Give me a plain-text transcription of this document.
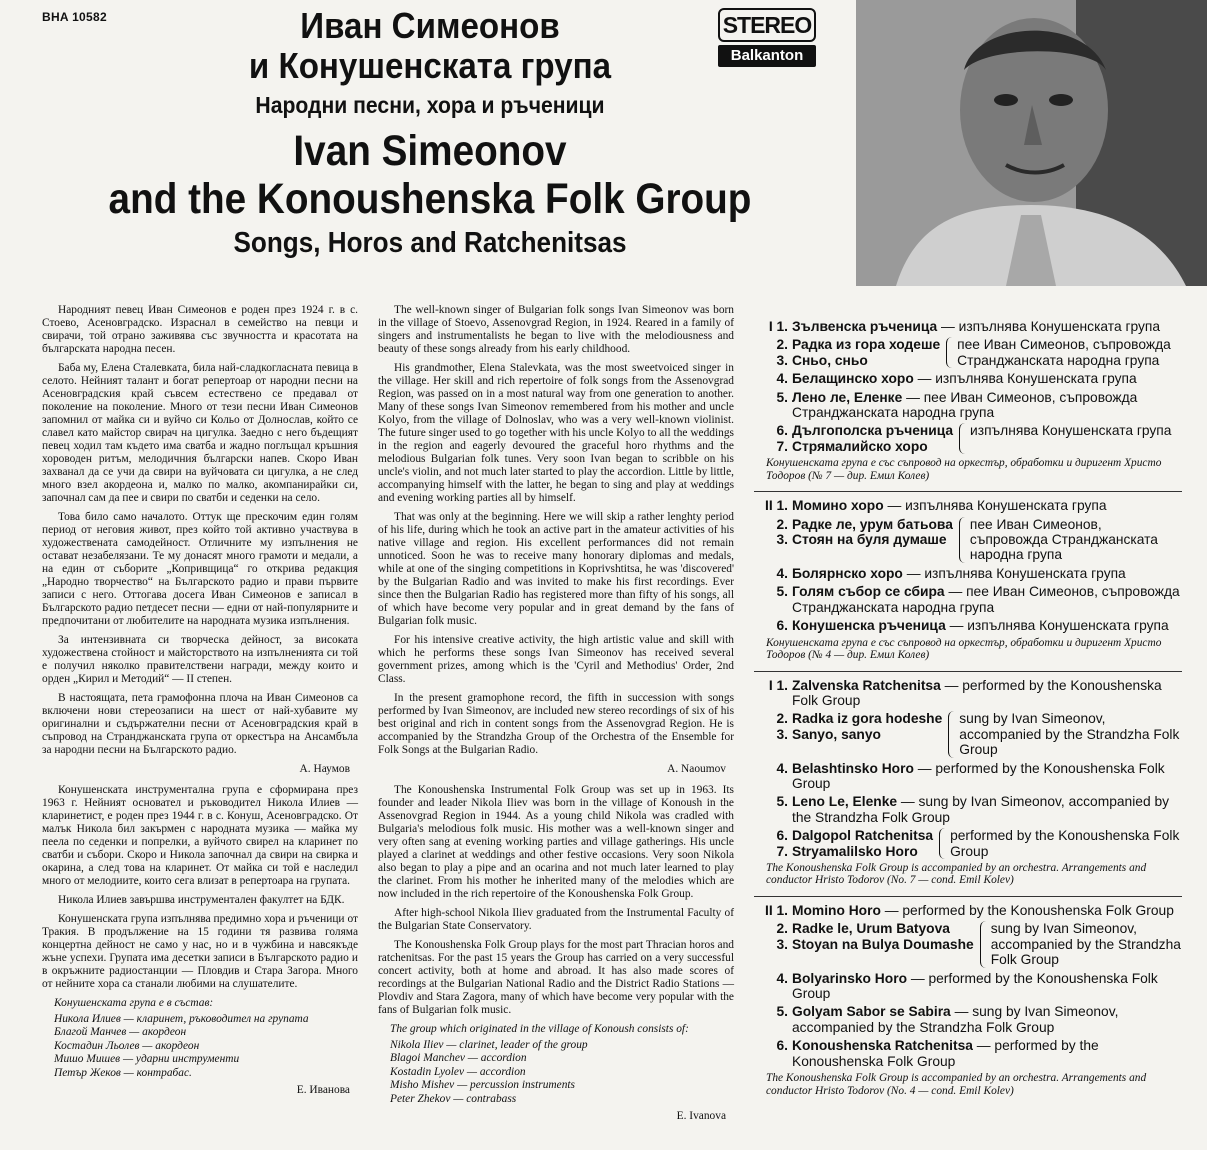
BHA 10582	Иван Симеонов
и Конушенската група
Народни песни, хора и ръченици
Ivan Simeonov
and the Konoushenska Folk Group
Songs, Horos and Ratchenitsas
STEREO
Balkanton

Народният певец Иван Симеонов е роден през 1924 г. в с. Стоево, Асеновградско. Израснал в семейство на певци и свирачи, той отрано заживява със звучността и красотата на българската народна песен.

Баба му, Елена Сталевката, била най-сладкогласната певица в селото. Нейният талант и богат репертоар от народни песни на Асеновградския край съвсем естествено се предавал от поколение на поколение. Много от тези песни Иван Симеонов запомнил от майка си и вуйчо си Кольо от Долнослав, който се славел като майстор свирач на цигулка. Заедно с него бъдещият певец ходил там където има сватба и жадно поглъщал кръшния хороводен ритъм, мелодичния български напев. Скоро Иван захванал да се учи да свири на вуйчовата си цигулка, а не след много взел акордеона и, малко по малко, акомпанирайки си, започнал сам да пее и свири по сватби и седенки на село.

Това било само началото. Оттук ще прескочим един голям период от неговия живот, през който той активно участвува в художествената самодейност. Отличните му изпълнения не остават незабелязани. Те му донасят много грамоти и медали, а на един от съборите „Копривщица“ го открива редакция „Народно творчество“ на Българското радио и прави първите записи с него. Оттогава досега Иван Симеонов е записал в Българското радио петдесет песни — едни от най-популярните и предпочитани от любителите на народната музика изпълнения.

За интензивната си творческа дейност, за високата художествена стойност и майсторството на изпълненията си той е получил няколко правителствени награди, между които и орден „Кирил и Методий“ — II степен.

В настоящата, пета грамофонна плоча на Иван Симеонов са включени нови стереозаписи на шест от най-хубавите му оригинални и съдържателни песни от Асеновградския край в съпровод на Странджанската група от оркестъра на Ансамбъла за народни песни на Българското радио.

А. Наумов

Конушенската инструментална група е сформирана през 1963 г. Нейният основател и ръководител Никола Илиев — кларинетист, е роден през 1944 г. в с. Конуш, Асеновградско. От малък Никола бил закърмен с народната музика — майка му пеела по седенки и попрелки, а вуйчото свирел на кларинет по сватби и събори. Скоро и Никола започнал да свири на свирка и окарина, а след това на кларинет. От майка си той е наследил много от мелодиите, които сега влизат в репертоара на групата.

Никола Илиев завършва инструментален факултет на БДК.

Конушенската група изпълнява предимно хора и ръченици от Тракия. В продължение на 15 години тя развива голяма концертна дейност не само у нас, но и в чужбина и навсякъде жъне успехи. Групата има десетки записи в Българското радио и в окръжните радиостанции — Пловдив и Стара Загора. Много от нейните хора са станали любими на слушателите.

Конушенската група е в състав:
Никола Илиев — кларинет, ръководител на групата
Благой Манчев — акордеон
Костадин Льолев — акордеон
Мишо Мишев — ударни инструменти
Петър Жеков — контрабас.

Е. Иванова

The well-known singer of Bulgarian folk songs Ivan Simeonov was born in the village of Stoevo, Assenovgrad Region, in 1924. Reared in a family of singers and instrumentalists he began to live with the melodiousness and beauty of these songs already from his early childhood.

His grandmother, Elena Stalevkata, was the most sweetvoiced singer in the village. Her skill and rich repertoire of folk songs from the Assenovgrad Region, was passed on in a most natural way from one generation to another. Many of these songs Ivan Simeonov remembered from his mother and uncle Kolyo, from the village of Dolnoslav, who was a very well-known violinist. The future singer used to go together with his uncle Kolyo to all the weddings in the region and eagerly devoured the graceful horo rhythms and the melodious Bulgarian folk tunes. Very soon Ivan began to scribble on his uncle's violin, and not much later started to play the accordion. Little by little, accompanying himself with the latter, he began to sing and play at weddings and evening working parties all by himself.

That was only at the beginning. Here we will skip a rather lenghty period of his life, during which he took an active part in the amateur activities of his native village and region. His excellent performances did not remain unnoticed. Soon he was to receive many honorary diplomas and medals, while at one of the singing competitions in Koprivshtitsa, he was 'discovered' by the Bulgarian Radio and was invited to make his first recordings. Ever since then the Bulgarian Radio has registered more than fifty of his songs, all of which have become very popular and in great demand by the fans of Bulgarian folk music.

For his intensive creative activity, the high artistic value and skill with which he performs these songs Ivan Simeonov has received several government prizes, among which is the 'Cyril and Methodius' Order, 2nd Class.

In the present gramophone record, the fifth in succession with songs performed by Ivan Simeonov, are included new stereo recordings of six of his best original and rich in content songs from the Assenovgrad Region. He is accompanied by the Strandzha Group of the Orchestra of the Ensemble for Folk Songs at the Bulgarian Radio.

A. Naoumov

The Konoushenska Instrumental Folk Group was set up in 1963. Its founder and leader Nikola Iliev was born in the village of Konoush in the Assenovgrad Region in 1944. As a young child Nikola was cradled with Bulgaria's melodious folk music. His mother was a well-known singer and very often sang at evening working parties and village gatherings. His uncle played a clarinet at weddings and other festive occasions. Very soon Nikola also began to play a pipe and an ocarina and not much later learned to play the clarinet. From his mother he inherited many of the melodies which are now included in the rich repertoire of the Konoushenska Folk Group.

After high-school Nikola Iliev graduated from the Instrumental Faculty of the Bulgarian State Conservatory.

The Konoushenska Folk Group plays for the most part Thracian horos and ratchenitsas. For the past 15 years the Group has carried on a very successful concert activity, both at home and abroad. It has also made scores of recordings at the Bulgarian National Radio and the District Radio Stations — Plovdiv and Stara Zagora, many of which have become very popular with the fans of Bulgarian folk music.

The group which originated in the village of Konoush consists of:
Nikola Iliev — clarinet, leader of the group
Blagoi Manchev — accordion
Kostadin Lyolev — accordion
Misho Mishev — percussion instruments
Peter Zhekov — contrabass

E. Ivanova

I 1. Зълвенска ръченица — изпълнява Конушенската група
2. Радка из гора ходеше
3. Сньо, сньо
пее Иван Симеонов, съпровожда Странджанската народна група
4. Белащинско хоро — изпълнява Конушенската група
5. Лено ле, Еленке — пее Иван Симеонов, съпровожда Странджанската народна група
6. Дългополска ръченица
7. Стрямалийско хоро
изпълнява Конушенската група
Конушенската група е със съпровод на оркестър, обработки и диригент Христо Тодоров (№ 7 — дир. Емил Колев)
II 1. Момино хоро — изпълнява Конушенската група
2. Радке ле, урум батьова
3. Стоян на буля думаше
пее Иван Симеонов, съпровожда Странджанската народна група
4. Болярнско хоро — изпълнява Конушенската група
5. Голям събор се сбира — пее Иван Симеонов, съпровожда Странджанската народна група
6. Конушенска ръченица — изпълнява Конушенската група
Конушенската група е със съпровод на оркестър, обработки и диригент Христо Тодоров (№ 4 — дир. Емил Колев)
I 1. Zalvenska Ratchenitsa — performed by the Konoushenska Folk Group
2. Radka iz gora hodeshe
3. Sanyo, sanyo
sung by Ivan Simeonov, accompanied by the Strandzha Folk Group
4. Belashtinsko Horo — performed by the Konoushenska Folk Group
5. Leno Le, Elenke — sung by Ivan Simeonov, accompanied by the Strandzha Folk Group
6. Dalgopol Ratchenitsa
7. Stryamalilsko Horo
performed by the Konoushenska Folk Group
The Konoushenska Folk Group is accompanied by an orchestra. Arrangements and conductor Hristo Todorov (No. 7 — cond. Emil Kolev)
II 1. Momino Horo — performed by the Konoushenska Folk Group
2. Radke le, Urum Batyova
3. Stoyan na Bulya Doumashe
sung by Ivan Simeonov, accompanied by the Strandzha Folk Group
4. Bolyarinsko Horo — performed by the Konoushenska Folk Group
5. Golyam Sabor se Sabira — sung by Ivan Simeonov, accompanied by the Strandzha Folk Group
6. Konoushenska Ratchenitsa — performed by the Konoushenska Folk Group
The Konoushenska Folk Group is accompanied by an orchestra. Arrangements and conductor Hristo Todorov (No. 4 — cond. Emil Kolev)
